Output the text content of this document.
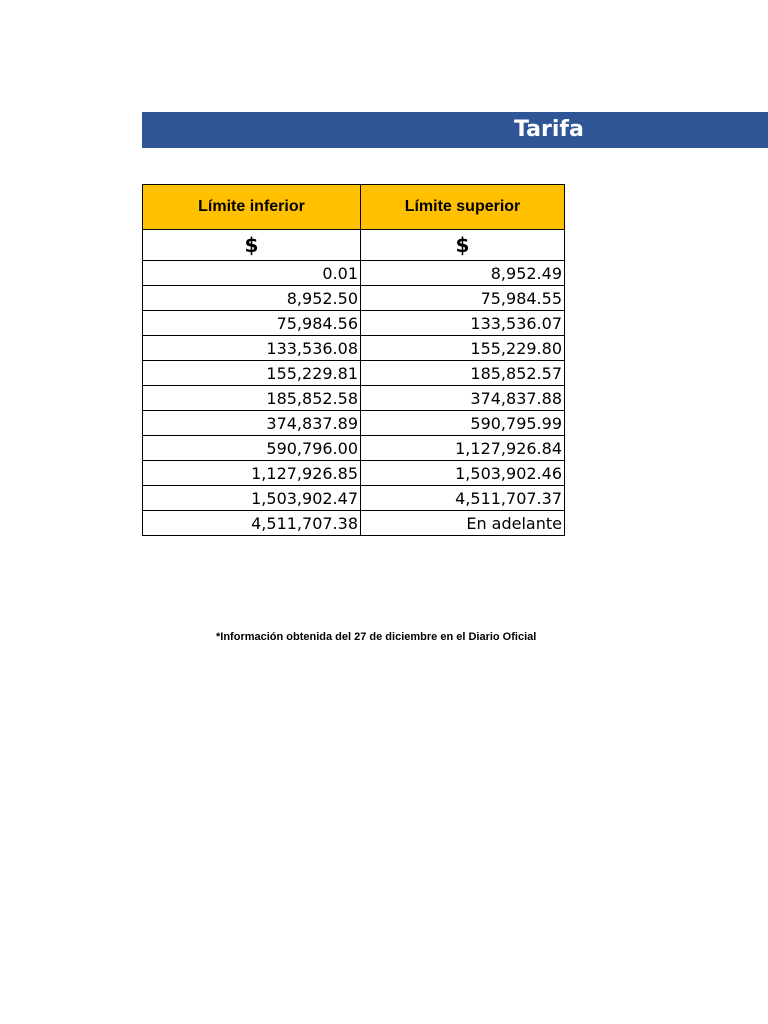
Tarifa
Límite inferior	Límite superior
$	$
0.01	8,952.49
8,952.50	75,984.55
75,984.56	133,536.07
133,536.08	155,229.80
155,229.81	185,852.57
185,852.58	374,837.88
374,837.89	590,795.99
590,796.00	1,127,926.84
1,127,926.85	1,503,902.46
1,503,902.47	4,511,707.37
4,511,707.38	En adelante
*Información obtenida del 27 de diciembre en el Diario Oficial
